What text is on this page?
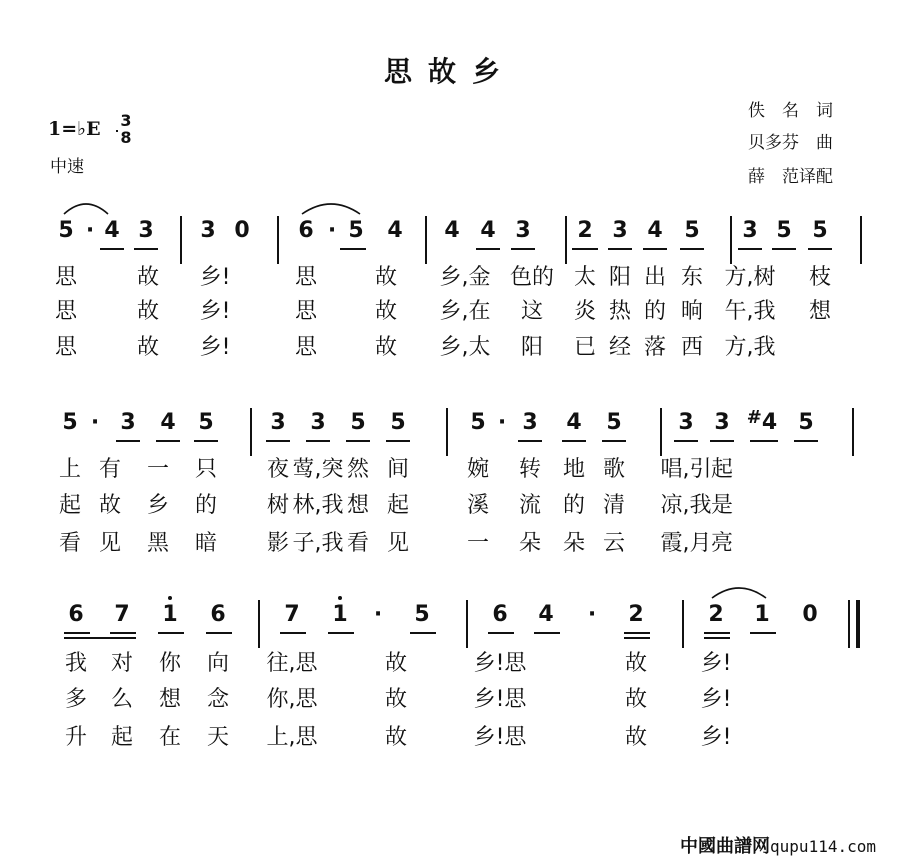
思故乡
1=♭E 3
8
中速
佚　名　词
贝多芬　曲
薛　范译配
5 · 4 3 3 0 6 · 5 4 4 4 3 2 3 4 5 3 5 5
思	故 乡!	思	故 乡,金 色的 太 阳 出 东 方,树 枝
思	故 乡!	思	故 乡,在 这 炎 热 的 晌 午,我 想
思	故 乡!	思	故 乡,太 阳 已 经 落 西 方,我
5 · 3 4 5	3 3 5 5	5 · 3 4 5	3 3 #4 5
上 有 一 只 夜 莺,突 然 间	婉 转 地 歌 唱,引 起
起 故 乡 的 树 林,我 想 起	溪 流 的 清 凉,我 是
看 见 黑 暗 影 子,我 看 见	一 朵 朵 云 霞,月 亮
6 7 1 6	7 1 · 5	6 4 · 2	2 1 0
我 对 你 向 往,思	故	乡!思	故 乡!
多 么 想 念 你,思	故	乡!思	故 乡!
升 起 在 天 上,思	故	乡!思	故 乡!
中國曲譜网qupu114.com
